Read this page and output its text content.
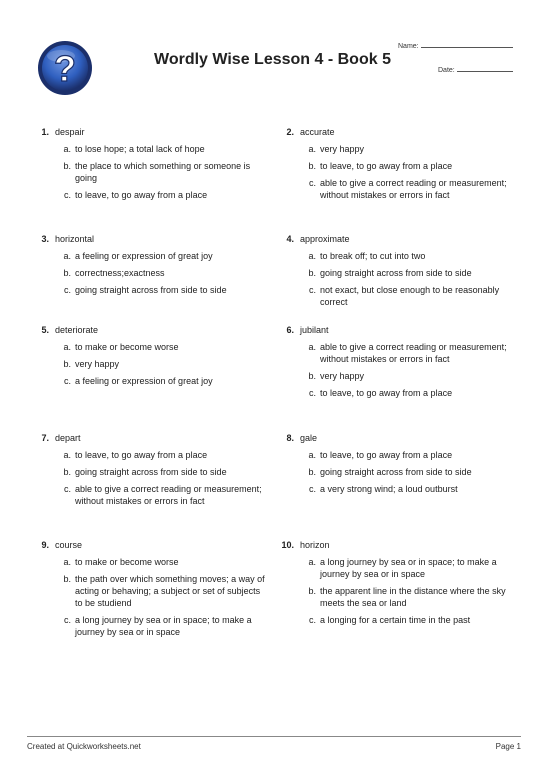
?	Wordly Wise Lesson 4 - Book 5
Name:
Date:
1. despair
a. to lose hope; a total lack of hope
b. the place to which something or someone is going
c. to leave, to go away from a place
2. accurate
a. very happy
b. to leave, to go away from a place
c. able to give a correct reading or measurement; without mistakes or errors in fact
3. horizontal
a. a feeling or expression of great joy
b. correctness;exactness
c. going straight across from side to side
4. approximate
a. to break off; to cut into two
b. going straight across from side to side
c. not exact, but close enough to be reasonably correct
5. deteriorate
a. to make or become worse
b. very happy
c. a feeling or expression of great joy
6. jubilant
a. able to give a correct reading or measurement; without mistakes or errors in fact
b. very happy
c. to leave, to go away from a place
7. depart
a. to leave, to go away from a place
b. going straight across from side to side
c. able to give a correct reading or measurement; without mistakes or errors in fact
8. gale
a. to leave, to go away from a place
b. going straight across from side to side
c. a very strong wind; a loud outburst
9. course
a. to make or become worse
b. the path over which something moves; a way of acting or behaving; a subject or set of subjects to be studiend
c. a long journey by sea or in space; to make a journey by sea or in space
10. horizon
a. a long journey by sea or in space; to make a journey by sea or in space
b. the apparent line in the distance where the sky meets the sea or land
c. a longing for a certain time in the past
Created at Quickworksheets.net	Page 1
